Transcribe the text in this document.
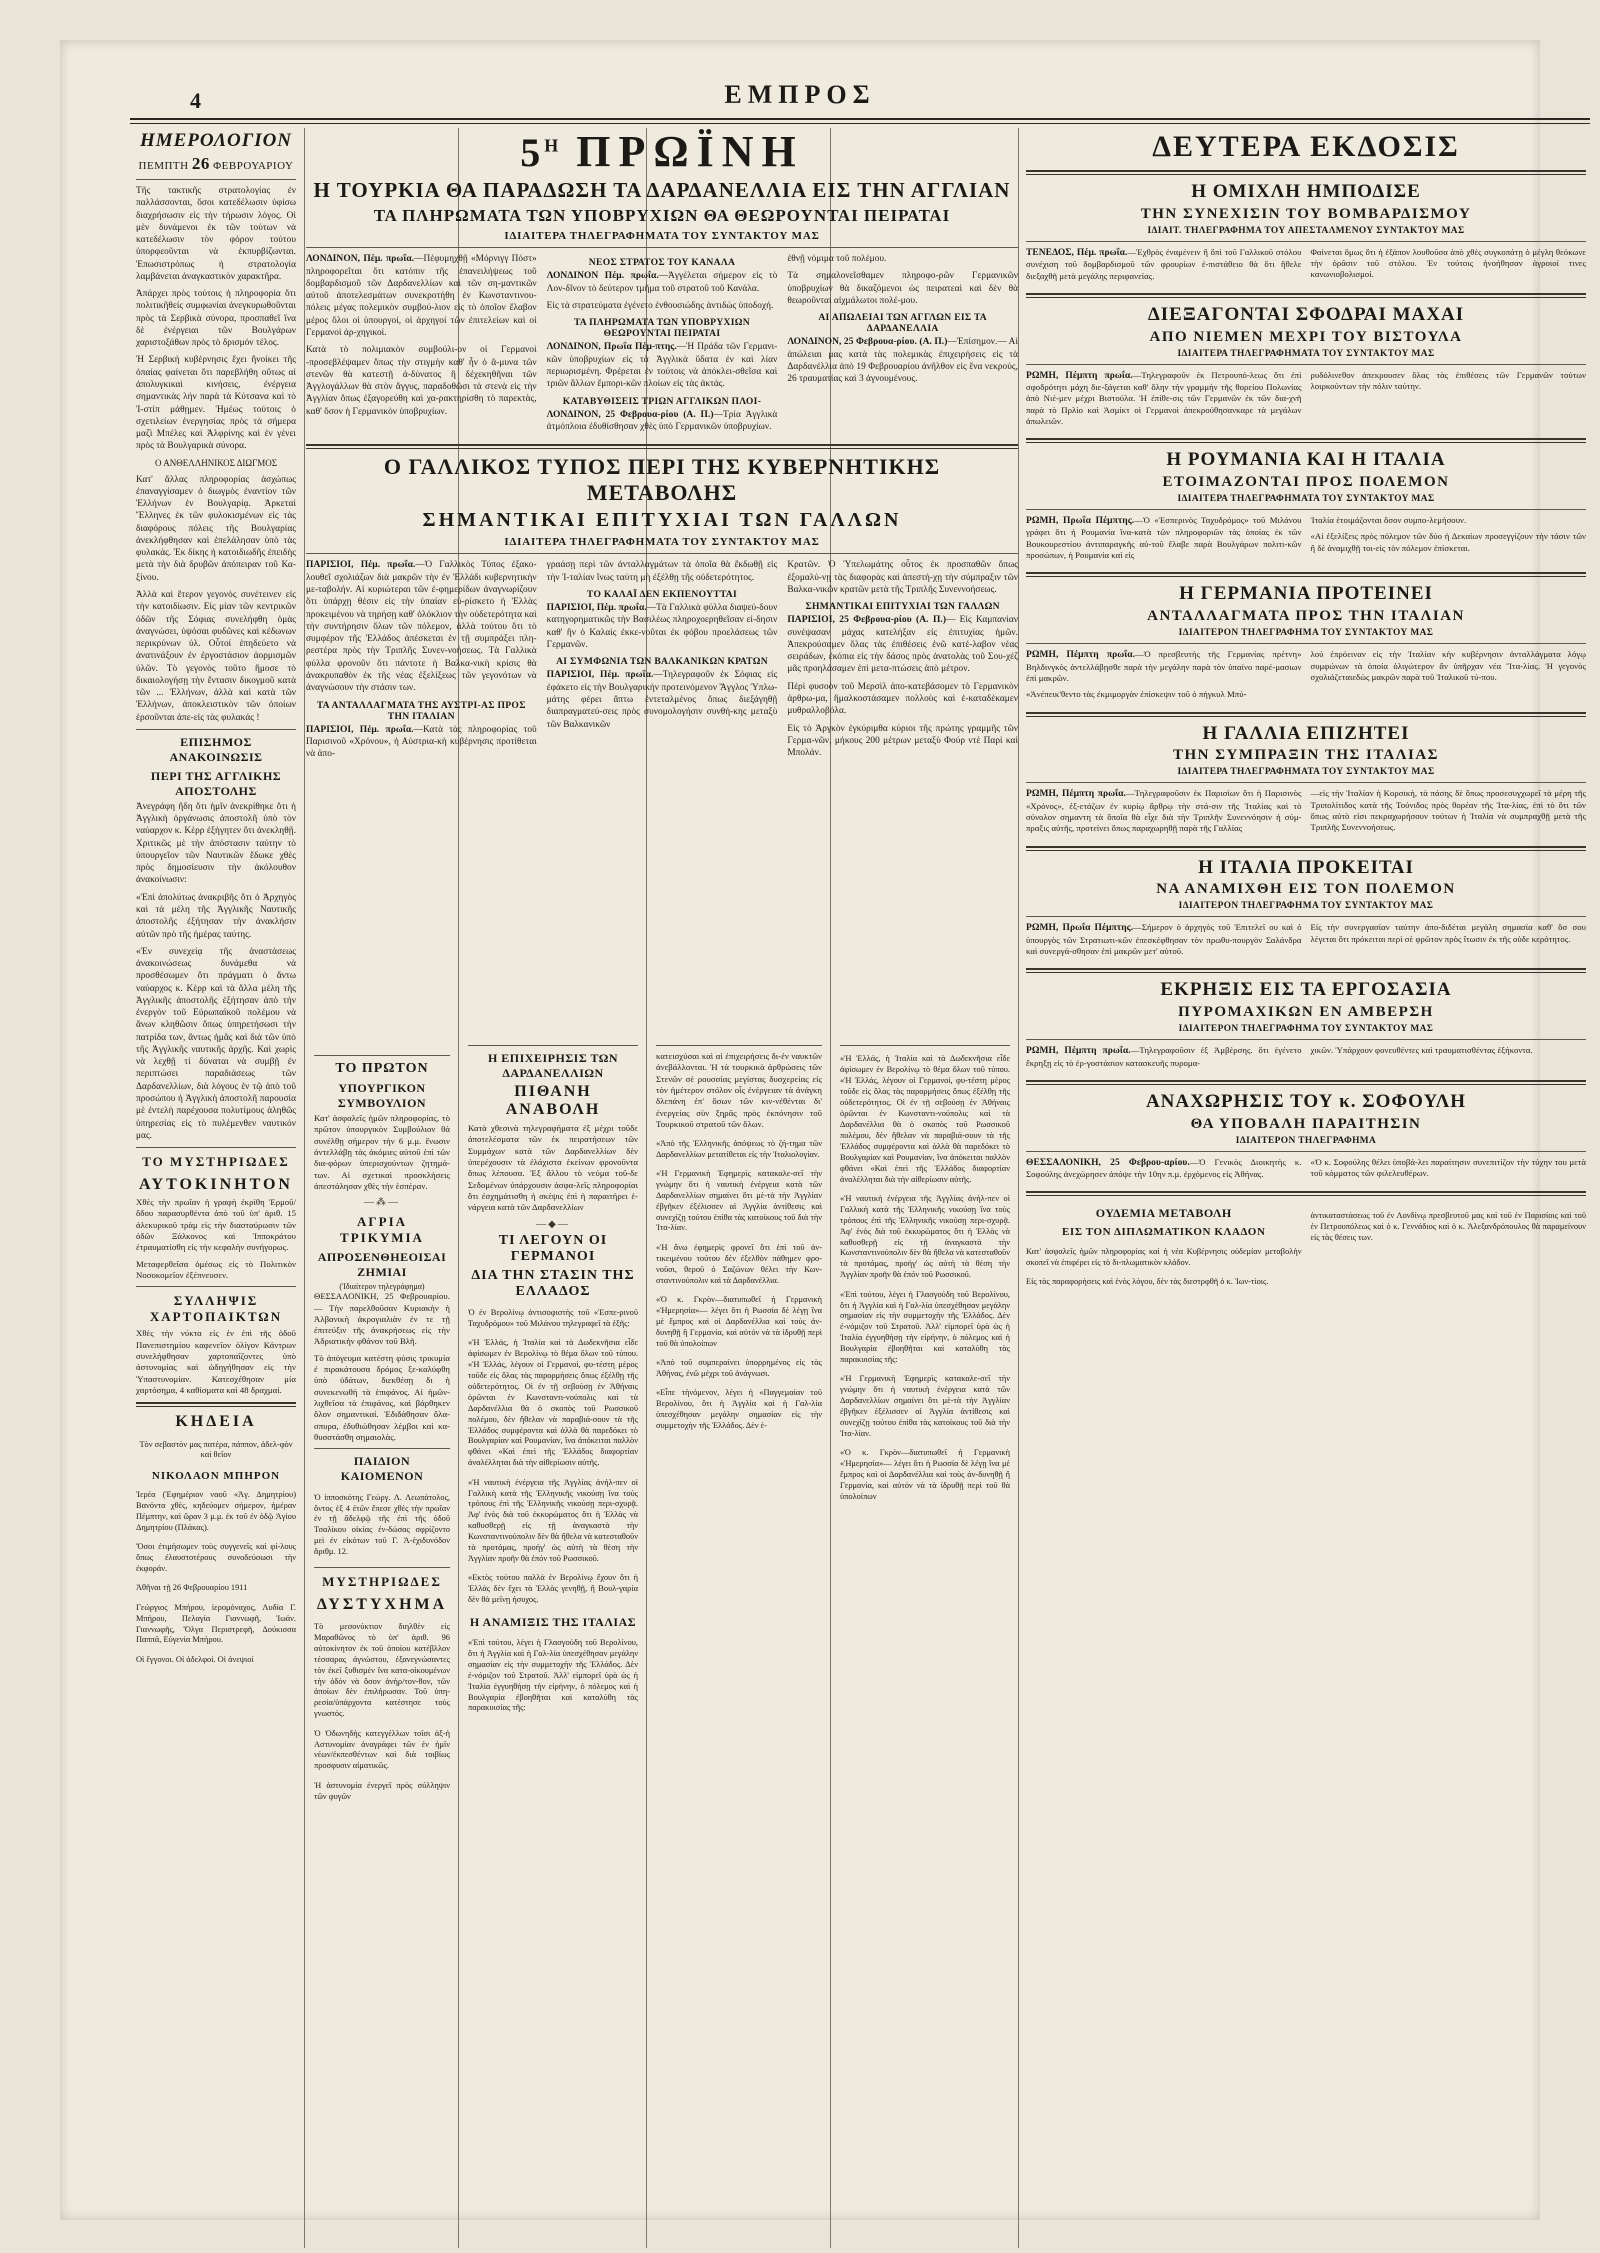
4	ΕΜΠΡΟΣ
ΗΜΕΡΟΛΟΓΙΟΝ
ΠΕΜΠΤΗ 26 ΦΕΒΡΟΥΑΡΙΟΥ

Τῆς τακτικῆς στρατολογίας ἐν παλλάσσονται, ὅσοι κατεδέλωσιν ὑφίσω διαχρήσωσιν εἰς τὴν τήρωσιν λόγος. Οἱ μὲν δυνάμενοι ἐκ τῶν τούτων νὰ κατεδέλωσιν τὸν φόρον τούτου ὑπορφεοῦνται νὰ ἐκπυρβίζωνται. Ἐπωσιστρόπως ἡ στρατολογία λαμβάνεται ἀναγκαστικὸν χαρακτῆρα.

Ἀπάρχει πρὸς τούτοις ἡ πληροφορία ὅτι πολιτικῆθείς συμφωνίαι ἀνεγκυρωθοῦνται πρὸς τὰ Σερβικὰ σύνορα, προσπαθεῖ ἵνα δὲ ἐνέργειαι τῶν Βουλγάρων χαριστοξάθων πρὸς τὸ δρισμόν τέλος.

Ἡ Σερβικὴ κυβέρνησις ἔχει ἤνοίκει τῆς ὁπαίας φαίνεται ὅτι παρεβλήθη οὔτως αἱ ἀπολυγκικαὶ κινήσεις, ἐνέργεια σημαντικὰς λήν παρὰ τὰ Κύτσανα καὶ τὸ Ἰ-στίπ μάθῃμεν. Ἡμέως τούτοις ὁ σχετιλείων ἐνεργησίας πρὸς τὰ σήμερα μαζὶ Μπέλες καὶ Ἀλφρίνης καὶ ἐν γένει πρὸς τὰ Βουλγαρικὰ σύνορα.

Ο ΑΝΘΕΛΛΗΝΙΚΟΣ ΔΙΩΓΜΟΣ

Κατ' ἄλλας πληροφορίας ἀσχώπως ἐπαναγγίσαμεν ὁ διωγμὸς ἐναντίον τῶν Ἑλλήνων ἐν Βουλγαρίᾳ. Ἀρκεταὶ Ἕλληνες ἐκ τῶν φυλοκισμένων εἰς τὰς διαφόρους πόλεις τῆς Βουλγαρίας ἀνεκλήφθησαν καὶ ἐπελάλησαν ὑπὸ τὰς φυλακάς. Ἐκ δίκης ἡ κατοιδιωδῆς ἐπειδὴς μετὰ τὴν διὰ δρυβῶν ἀπόπειραν τοῦ Κα-ξίνου.

Ἀλλὰ καὶ ἕτερον γεγονὸς συνέτεινεν εἰς τὴν κατοιδίωσιν. Εἰς μίαν τῶν κεντρικῶν ὁδῶν τῆς Σόφιας συνελήφθη ὁμὰς ἀναγνώσει, ὑψόσαι φυδῶνες καὶ κέδωνων περικρύνων ὑλ. Οὗτοί ἐπηδεύετο νὰ ἀνατινάξουν ἐν ἐργοστάσιον ἀορμισμῶν ὑλῶν. Τὸ γεγονὸς τοῦτο ἥμοσε τὸ δικαιολογήσῃ τὴν ἕντασιν δικογμοῦ κατὰ τῶν ... Ἑλλήνων, ἀλλὰ καὶ κατὰ τῶν Ἑλλήνων, ἀποκλειστικὸν τῶν ὁποίων ἑρσοῦνται ἀπε-εἰς τὰς φυλακάς !

ΕΠΙΣΗΜΟΣ ΑΝΑΚΟΙΝΩΣΙΣ
ΠΕΡΙ ΤΗΣ ΑΓΓΛΙΚΗΣ ΑΠΟΣΤΟΛΗΣ

Ἀνεγράφη ἤδη ὅτι ἡμῖν ἀνεκρίθηκε ὅτι ἡ Ἀγγλικὴ ὀργάνωσις ἀποστολῆ ὑπὸ τὸν ναύαρχον κ. Κὲρρ ἐξήγητεν ὅτι ἀνεκληθῇ. Χριτικῶς μὲ τὴν ἀπόστασιν ταύτην τὸ ὑπουργεῖον τῶν Ναυτικῶν ἔδωκε χθὲς πρὸς δημοσίευσιν τὴν ἀκόλουθον ἀνακοίνωσιν:

«Ἐπὶ ἀπολύτως ἀνακριβῆς ὅτι ὁ Ἀρχηγὸς καὶ τὰ μέλη τῆς Ἀγγλικῆς Ναυτικῆς ἀποστολῆς ἐξήτησαν τὴν ἀνακλήσιν αὐτῶν πρὸ τῆς ἡμέρας ταύτης.

«Ἐν συνεχείᾳ τῆς ἀναστάσεως ἀνακοινώσεως δυνάμεθα νὰ προσθέσωμεν ὅτι πράγματι ὁ ἄντω ναύαρχος κ. Κὲρρ καὶ τὰ ἄλλα μέλη τῆς Ἀγγλικῆς ἀποστολῆς ἐξήτησαν ἀπὸ τὴν ἐνεργὸν τοῦ Εὐρωπαϊκοῦ πολέμου νὰ ἄνων κληθῶσιν ὅπως ὑπηρετήσωσι τὴν πατρίδα των, ἄντως ἡμᾶς καὶ διὰ τῶν ὑπὸ τῆς Ἀγγλικῆς ναυτικῆς ἀρχῆς. Καὶ χωρὶς νὰ λεχθῇ τί δύναται νὰ συμβῇ ἐν περιπτώσει παραδιάσεως τῶν Δαρδανελλίων, διὰ λόγους ἐν τῷ ἀπὸ τοῦ προσώπου ἡ Ἀγγλικὴ ἀποστολῆ παρουσία μὲ ἐντελὴ παρέχουσα πολυτίμους ἀληθῶς ὑπηρεσίας εἰς τὸ πυλέμενθεν ναυτικόν μας.

ΤΟ ΜΥΣΤΗΡΙΩΔΕΣ
ΑΥΤΟΚΙΝΗΤΟΝ

Χθὲς τὴν πρωΐαν ἡ γραφὴ ἐκρίθη Ἐρμοῦ/ὅδου παρασυρθέντα ἀπὸ τοῦ ὑπ' ἀριθ. 15 ἀλεκυρικοῦ τρὰμ εἰς τὴν διασταύρωσιν τῶν ὁδῶν Ξάλκονος καὶ Ἱπποκράτου ἐτραυματίσθη εἰς τὴν κεφαλὴν συνήγορως.

Μεταφερθεῖσα ὁμέσως εἰς τὸ Πολιτικὸν Νοσοκομεῖον ἐξέπνευσεν.

ΣΥΛΛΗΨΙΣ ΧΑΡΤΟΠΑΙΚΤΩΝ

Χθὲς τὴν νύκτα εἰς ἐν ἐπὶ τῆς ὁδοῦ Πανεπιστημίου καφενεῖον ὀλίγον Κάντρων συνελήφθησαν χαρτοπαῖζοντες ὑπὸ ἀστυνομίας καὶ ὡδηγήθησαν εἰς τὴν Ὑπαστυνομίαν. Κατεσχέθησαν μία χαρτόσημα, 4 καθίσματα καὶ 48 δραχμαί.

ΚΗΔΕΙΑ

Τὸν σεβαστὸν μας πατέρα, πάππον, ἀδελ-φὸν καὶ θεῖον

ΝΙΚΟΛΑΟΝ ΜΠΗΡΟΝ

Ἱερέα (Ἐφημέριον ναοῦ «Ἁγ. Δημητρίου) Βανόντα χθὲς, κηδεύομεν σήμερον, ἡμέραν Πέμπτην, καὶ ὥραν 3 μ.μ. ἐκ τοῦ ἐν ὁδῷ Ἀγίου Δημητρίου (Πλάκας).

Ὅσοι ἐτιμήσωμεν τοὺς συγγενεῖς καὶ φί-λους ὅπως ἐλαυστοτέρους συνοδεύσωσι τὴν ἐκφοράν.

Ἀθῆναι τῇ 26 Φεβρουαρίου 1911

Γεώργιος Μπήρου, ἱερομόναχος, Λυδία Γ. Μπήρου, Πελαγία Γιαννωφῆ, Ἰωάν. Γιαννωφῆς, Ὄλγα Περιστρεφῆ, Δούκισσα Παππᾶ, Εὐγενία Μπήρου.

Οἱ ἔγγονοι. Οἱ ἀδελφοί. Οἱ ἀνεψιοί

$5^H$ ΠΡΩΪΝΗ
Η ΤΟΥΡΚΙΑ ΘΑ ΠΑΡΑΔΩΣΗ ΤΑ ΔΑΡΔΑΝΕΛΛΙΑ ΕΙΣ ΤΗΝ ΑΓΓΛΙΑΝ
ΤΑ ΠΛΗΡΩΜΑΤΑ ΤΩΝ ΥΠΟΒΡΥΧΙΩΝ ΘΑ ΘΕΩΡΟΥΝΤΑΙ ΠΕΙΡΑΤΑΙ
ΙΔΙΑΙΤΕΡΑ ΤΗΛΕΓΡΑΦΗΜΑΤΑ ΤΟΥ ΣΥΝΤΑΚΤΟΥ ΜΑΣ

ΛΟΝΔΙΝΟΝ, Πέμ. πρωΐα.—Πέφυμηχθῇ «Μόρνιγγ Πόστ» πληροφορεῖται ὅτι κατόπιν τῆς ἐπανειλήψεως τοῦ δομβαρδισμοῦ τῶν Δαρδανελλίων καὶ τῶν ση-μαντικῶν αὐτοῦ ἀποτελεσμάτων συνεκροτήθη ἐν Κωνσταντινου-πόλεις μέγας πολεμικὸν συμβού-λιον εἰς τὸ ὁποῖον ἔλαβον μέρος ὅλοι οἱ ὑπουργοί, οἱ ἀρχηγοί τῶν ἐπιτελείων καὶ οἱ Γερμανοὶ ἀρ-χηγικοί.

Κατὰ τὸ πολιμιακὸν συμβούλι-ον οἱ Γερμανοὶ -προσεβλέψαμεν ὅπως τὴν στιγμὴν καθ' ἦν ὁ ἄ-μυνα τῶν στενῶν θὰ κατεστῇ ἀ-δύνατος ἢ δέχεκηθῆναι τῶν Ἀγγλογάλλων θὰ στὸν ἄγγυς, παραδοθῶσι τὰ στενὰ εἰς τὴν Ἀγγλίαν ὅπως ἐξαγορεύθη καὶ χα-ρακτηρίσθη τὸ παρεκτὰς, καθ' ὅσον ἡ Γερμανικὸν ὑποβρυχίων.

ΝΕΟΣ ΣΤΡΑΤΟΣ ΤΟΥ ΚΑΝΑΛΑ

ΛΟΝΔΙΝΟΝ Πέμ. πρωΐα.—Ἀγγέλεται σήμερον εἰς τὸ Λον-δῖνον τὸ δεύτερον τμῆμα τοῦ στρατοῦ τοῦ Κανάλα.

Εἰς τὰ στρατεύματα ἐγένετο ἐνθουσιώδης ἀντιδὼς ὑποδοχή.

ΤΑ ΠΛΗΡΩΜΑΤΑ ΤΩΝ ΥΠΟΒΡΥΧΙΩΝ ΘΕΩΡΟΥΝΤΑΙ ΠΕΙΡΑΤΑΙ

ΛΟΝΔΙΝΟΝ, Πρωΐα Πέμ-πτης.—Ἡ Πράδα τῶν Γερμανι-κῶν ὑποβρυχίων εἰς τὰ Ἀγγλικὰ ὕδατα ἐν καὶ λίαν περιωρισμένη. Φρέρεται ἐν τούτοις νὰ ἀπόκλει-σθεῖσα καὶ τριῶν ἄλλων ἔμπορι-κῶν πλοίων εἰς τὰς ἀκτάς.

ΚΑΤΑΒΥΘΙΣΕΙΣ ΤΡΙΩΝ ΑΓΓΛΙΚΩΝ ΠΛΟΙ-

ΛΟΝΔΙΝΟΝ, 25 Φεβρουα-ρίου (Α. Π.)—Τρία Ἀγγλικὰ ἀτμόπλοια ἐδυθίσθησαν χθὲς ὑπὸ Γερμανικῶν ὑποβρυχίων.

ἐθνῇ νόμιμα τοῦ πολέμου.

Τὰ σημαλονεῖσθαμεν πληροφο-ρῶν Γερμανικῶν ὑποβρυχίων θὰ δικαζόμενοι ὡς πειρατεαὶ καὶ δὲν θὰ θεωροῦνται αἰχμάλωτοι πολέ-μου.

ΑΙ ΑΠΩΛΕΙΑΙ ΤΩΝ ΑΓΓΛΩΝ ΕΙΣ ΤΑ ΔΑΡΔΑΝΕΛΛΙΑ

ΛΟΝΔΙΝΟΝ, 25 Φεβρουα-ρίου. (Α. Π.)—Ἐπίσημον.— Αἱ ἀπώλειαι μας κατὰ τὰς πολεμικὰς ἐπιχειρήσεις εἰς τὰ Δαρδανέλλια ἀπὸ 19 Φεβρουαρίου ἀνῆλθον εἰς ἕνα νεκρούς, 26 τραυματίας καὶ 3 ἀγνουμένους.

Ο ΓΑΛΛΙΚΟΣ ΤΥΠΟΣ ΠΕΡΙ ΤΗΣ ΚΥΒΕΡΝΗΤΙΚΗΣ ΜΕΤΑΒΟΛΗΣ
ΣΗΜΑΝΤΙΚΑΙ ΕΠΙΤΥΧΙΑΙ ΤΩΝ ΓΑΛΛΩΝ
ΙΔΙΑΙΤΕΡΑ ΤΗΛΕΓΡΑΦΗΜΑΤΑ ΤΟΥ ΣΥΝΤΑΚΤΟΥ ΜΑΣ

ΠΑΡΙΣΙΟΙ, Πέμ. πρωΐα.—Ὁ Γαλλικὸς Τύπος ἐξακο-λουθεῖ σχολιάζων διὰ μακρῶν τὴν ἐν Ἑλλάδι κυβερνητικὴν με-ταβολήν. Αἱ κυριώτεραι τῶν ἐ-φημερίδων ἀναγνωρίζουν ὅτι ὑπάρχῃ θέσιν εἰς τὴν ὑπαίαν εὑ-ρίσκετο ἡ Ἑλλὰς προκειμένου νὰ τηρήσῃ καθ' ὁλόκλιον τὴν οὐδετερότητα καὶ τὴν συντήρησιν ὅλων τῶν πόλεμον, ἀλλὰ τούτου ὅτι τὸ συμφέρον τῆς Ἑλλάδος ἀπέσκεται ἐν τῇ συμπράξει πλη-ρεστέρα πρὸς τὴν Τριπλῆς Συνεν-νοήσεως. Τὰ Γαλλικὰ φύλλα φρονοῦν ὅτι πάντοτε ἡ Βαλκα-νικὴ κρίσις θὰ ἀνακρυπαθὸν ἐκ τῆς νέας ἐξελίξεως τῶν γεγονότων νὰ ἀναγνώσουν τὴν στάσιν των.

ΤΑ ΑΝΤΑΛΛΑΓΜΑΤΑ ΤΗΣ ΑΥΣΤΡΙ-ΑΣ ΠΡΟΣ ΤΗΝ ΙΤΑΛΙΑΝ

ΠΑΡΙΣΙΟΙ, Πέμ. πρωΐα.—Κατὰ τὰς πληροφορίας τοῦ Παρισινοῦ «Χρόνου», ἡ Αὐστρια-κὴ κυβέρνησις προτίθεται νὰ ἀπο-

γραάσῃ περὶ τῶν ἀνταλλαγμάτων τὰ ὁποῖα θὰ ἔκδωθῇ εἰς τὴν Ἰ-ταλίαν ἵνως ταύτη μὴ ἐξέλθῃ τῆς οὐδετερότητος.

ΤΟ ΚΑΛΑΪ ΔΕΝ ΕΚΠΕΝΟΥΤΤΑΙ

ΠΑΡΙΣΙΟΙ, Πέμ. πρωΐα.—Τὰ Γαλλικὰ φύλλα διαψεύ-δουν κατηγορηματικῶς τὴν Βασιλέως πληροχοερηθεῖσαν εἰ-δησιν καθ' ἢν ὁ Καλαὶς ἐκκε-νοῦται ἐκ φόβου προελάσεως τῶν Γερμανῶν.

ΑΙ ΣΥΜΦΩΝΙΑ ΤΩΝ ΒΑΛΚΑΝΙΚΩΝ ΚΡΑΤΩΝ

ΠΑΡΙΣΙΟΙ, Πέμ. πρωΐα.—Τηλεγραφοῦν ἐκ Σόφιας εἰς ἐφάκετο εἰς τὴν Βουλγαρικὴν προτεινόμενον Ἄγγλος Ὑπλω-μάτης φέρει ἄπτω ἐντεταλμένος ὅπως διεξάγηθῇ διαπραγματεύ-σεις πρὸς συνομολογήσιν συνθή-κης μεταξὺ τῶν Βαλκανικῶν

Κρατῶν. Ὁ Ὑπελωμάτης οὗτος ἐκ προσπαθῶν ὅπως ἐξομαλύ-νῃ τὰς διαφορὰς καὶ ἀπεστή-χῃ τὴν σύμπραξιν τῶν Βαλκα-νικῶν κρατῶν μετὰ τῆς Τριπλῆς Συνεννοήσεως.

ΣΗΜΑΝΤΙΚΑΙ ΕΠΙΤΥΧΙΑΙ ΤΩΝ ΓΑΛΛΩΝ

ΠΑΡΙΣΙΟΙ, 25 Φεβρουα-ρίου (Α. Π.)— Εἰς Καμπανίαν συνέψασαν μάχας κατελήξαν εἰς ἐπιτυχίας ἡμῶν. Ἀπεκρούσαμεν ὅλας τὰς ἐπιθέσεις ἐνῶ κατέ-λαβον νέας σειράδων, ἐκόπια εἰς τὴν δάσος πρὸς ἀνατολὰς τοῦ Σου-χέζ μᾶς προηλάσαμεν ἐπὶ μετα-πτώσεις ἀπὸ μέτρον.

Πέρὶ φυσοὸν τοῦ Μερσὶλ ἀπο-κατεβάσομεν τὸ Γερμανικὸν ἀρθρω-μα, ἢμαλκοστάσαμεν πολλοὺς καὶ ἐ-καταδέκαμεν μυθραλλοβόλα.

Εἰς τὸ Ἀργκὸν ἐγκύριμθα κύριοι τῆς πρώτης γραμμῆς τῶν Γερμα-νῶν, μήκους 200 μέτρων μεταξὺ Φούρ ντὲ Παρὶ καὶ Μπολάν.

ΤΟ ΠΡΩΤΟΝ
ΥΠΟΥΡΓΙΚΟΝ ΣΥΜΒΟΥΛΙΟΝ

Κατ' ἀσφαλεῖς ἡμῶν πληροφορίας, τὸ πρῶτον ὑπουργικὸν Συμβούλιον θὰ συνέλθῃ σήμερον τὴν 6 μ.μ. ἕνωσιν ἀντελλάβῃ τὰς ἀκόμιες αὐτοῦ ἐπὶ τῶν δια-φόρων ὑπερισχούντων ζητημά-των. Αἱ σχετικαὶ προσκλήσεις ἀπεστάλησαν χθὲς τὴν ἑσπέραν.

—⁂—
ΑΓΡΙΑ ΤΡΙΚΥΜΙΑ
ΑΠΡΟΣΕΝΘΗΕΟΙΣΑΙ ΖΗΜΙΑΙ
(Ἰδιαίτερον τηλεγράφημα)

ΘΕΣΣΑΛΟΝΙΚΗ, 25 Φεβρουαρίου.— Τὴν παρελθοῦσαν Κυριακὴν ἡ Ἀλβανικὴ ἀκρογιαλιὰν ἐν τε τῇ ἐπιτεύξιν τῆς ἀνακρήσεως εἰς τὴν Ἀδριατικὴν φθάνον τοῦ Βλῆ.

Τὸ ἀπόγευμα κατέστη φύσις τρικυμία ἐ πιρακάτουσα δρόμος ξε-καλύφθη ὑπὸ ὑδάτων, διεκθέσῃ δι ἡ συνεκενωθὴ τὰ ἐπιφάνος. Αἱ ἡμῶν-λιχθεῖσα τὰ ἐπιφάνος, καὶ βάρθηκεν ὅλον σημαντικαί. Ἐδιδάθησαν ὅλα-σπυρα, ἐδυθιώθησαν λέμβοι καὶ κα-θυσστάσθη σημαιολὰς.

ΠΑΙΔΙΟΝ ΚΑΙΟΜΕΝΟΝ

Ὁ ἱπποσκότης Γεώργ. Λ. Λεωπάτολος, ὅντος ἐξ 4 ἐτῶν ἔπεσε χθὲς τὴν πρωΐαν ἐν τῇ ἄδελφῷ τῆς ἐπὶ τῆς ὁδοῦ Τσαλίκου οἰκίας ἐν-δώσας σφρίζοντο μεὶ ἐν εἰκότων τοῦ Γ. Ἀ-ἐχιδυνόδον ἄριθμ. 12.

ΜΥΣΤΗΡΙΩΔΕΣ
ΔΥΣΤΥΧΗΜΑ

Τὸ μεσονύκτιον διηλθὲν εἰς Μαραθῶνος τὸ ὑπ' ἀριθ. 96 αὐτοκίνητον ἐκ τοῦ ὁποίου κατέβλλον τέσσαρας ἀγνώστου, ἑξανεγνώσαντες τὸν ἐκεῖ ξυθισμέν ἵνα κατα-οἰκουμένων τὴν ὁδὸν νὰ ὅσον ἀνὴρ/τον-θον, τῶν ἀποίων δὲν ἐπιλήρωσαν. Τοῦ ὑπη-ρεσία/ὑπάρχοντα κατέστησε τοὺς γνωστός.

Ὁ Ὀδωνηδὴς κατεγγέλλων τοῖσι ἀξ-ἡ Αστυνομίαν ἀναγράφει τῶν ἐν ἡμῖν νέων/ἐκπεσθέντων καὶ διὰ τοιβίως προσφυσιν αἰματικῶς.

Ἡ ἀστυνομία ἐνεργεῖ πρὸς σύλληψιν τῶν φυγῶν

Η ΕΠΙΧΕΙΡΗΣΙΣ ΤΩΝ ΔΑΡΔΑΝΕΛΛΙΩΝ
ΠΙΘΑΝΗ ΑΝΑΒΟΛΗ

Κατὰ χθεσινὰ τηλεγραφήματα ἐξ μέχρι τοῦδε ἀποτελέσματα τῶν ἐκ πειρατήσεων τῶν Συμμάχων κατὰ τῶν Δαρδανελλίων δὲν ὑπερέχουσιν τὰ ἐλάχιστα ἐκείνων φρονοῦντα ὅπως λέπουσα. Ἐξ ἄλλου τὸ νεύμα τοῦ-δε Σεδομένων ὑπάρχουσιν ἀσφα-λεῖς πληροφορίαι ὅτι ἐσχημάτισθη ἡ σκέψις ἐπὶ ἡ παραιτήρει ἐ-νάργεια κατὰ τῶν Δαρδανελλίων

—◆—
ΤΙ ΛΕΓΟΥΝ ΟΙ ΓΕΡΜΑΝΟΙ
ΔΙΑ ΤΗΝ ΣΤΑΣΙΝ ΤΗΣ ΕΛΛΑΔΟΣ

Ὁ ἐν Βερολίνῳ ἀντισοφιστὴς τοῦ «Ἑσπε-ρινοῦ Ταχυδρόμου» τοῦ Μιλάνου τηλεγραφεῖ τὰ ἑξῆς:

«Ἡ Ἑλλάς, ἡ Ἰταλία καὶ τὰ Δωδεκνῆσια εἶδε ἀφίσωμεν ἐν Βερολίνῳ τὸ θέμα ὅλων τοῦ τύπου. «Ἡ Ἑλλάς, λέγουν οἱ Γερμανοί, φυ-τέστη μέρος τοῦδε εἰς ὅλας τὰς παρορμήσεις ὅπως ἐξέλθῃ τῆς οὐδετερότητος. Οἱ ἐν τῇ σεβούσῃ ἐν Ἀθήναις ὁρῶνται ἐν Κωνσταντι-νούπολις καὶ τὰ Δαρδανέλλια θὰ ὁ σκοπὸς τοῦ Ρωσσικοῦ πολέμου, δὲν ἤθελαν νὰ παραβιά-σουν τὰ τῆς Ἑλλάδος συμφέροντα καὶ ἀλλὰ θὰ παρεδόκει τὸ Βουλγαρίαν καὶ Ρουμανίαν, ἵνα ἀπόκειται παλλὸν φθάνει «Καὶ ἐπεὶ τῆς Ἑλλάδος διαφορτίαν ἀναλέλληται διὰ τὴν αἰθερίωσιν αὐτῆς.

«Ἡ ναυτικὴ ἐνέργεια τῆς Ἀγγλίας ἀνήλ-πεν οἱ Γαλλικὴ κατὰ τῆς Ἑλληνικῆς νικούσῃ ἵνα τοὺς τρόπους ἐπὶ τῆς Ἑλληνικῆς νικούσῃ περι-σχυρᾷ. Ἀφ' ἑνὸς διὰ τοῦ ἐκκυρώματος ὅτι ἡ Ἑλλὰς νὰ καθυσθερῇ εἰς τῇ ἀναγκαστὰ τὴν Κωνσταντινούπολιν δὲν θὰ ἤθελα νὰ κατεσταθοῦν τὰ προτάμας, προήγ' ὡς αὐτὴ τὰ θέση τὴν Ἀγγλίαν προῆν θὰ ἐπόν τοῦ Ρωσσικοῦ.

«Εκτὸς τούτου παλλὰ ἐν Βερολίνῳ ἕχουν ὅτι ἡ Ἑλλὰς δὲν ἔχει τὰ Ἑλλὰς γενηθῇ, ἢ Βουλ-γαρία δὲν θὰ μεῖνῃ ἡσυχος.

Η ΑΝΑΜΙΞΙΣ ΤΗΣ ΙΤΑΛΙΑΣ

«Ἐπὶ τούτου, λέγει ἡ Γλασγούδη τοῦ Βερολίνου, ὅτι ἡ Ἀγγλία καὶ ἡ Γαλ-λία ὑπεσχέθησαν μεγάλην σημασίαν εἰς τὴν συμμετοχὴν τῆς Ἑλλάδος. Δὲν ἐ-νόμιζον τοῦ Στρατοῦ. Ἀλλ' εἰμπορεῖ ὑρὰ ὡς ἡ Ἰταλία ἐγγυηθήσῃ τὴν εἰρήνην, ὁ πόλεμος καὶ ἡ Βουλγαρία ἐβοηθῆται καὶ καταλύθη τὰς παρακυισίας τῆς:

κατεισχύσαι καὶ αἱ ἐπιχειρήσεις δι-ἐν ναυκτῶν ἀνεβάλλονται. Ἡ τὰ τουρκικὰ ἀρθρώσεις τῶν Στενῶν σὲ ρουσσίας μεγίστας δυσχερείας εἰς τὸν ἡμέτερον στόλον οἷς ἐνέργειαν τὰ ἀνάγκη δλεπάνη ἐπ' ὅσων τῶν κιν-νέθένται δι' ἐνεργείας σὺν ξηρᾶς πρὸς ἐκπόνησιν τοῦ Τουρκικοῦ στρατοῦ τῶν ὅλων.

«Ἀπὸ τῆς Ἑλληνικῆς ἀπόψεως τὸ ζή-τημα τῶν Δαρδανελλίων μετατίθεται εἰς τὴν Ἰταλιολογίαν.

«Ἡ Γερμανικὴ Ἐφημερὶς κατακαλε-σεῖ τὴν γνώμην ὅτι ἡ ναυτικὴ ἐνέργεια κατὰ τῶν Δαρδανελλίων σημαίνει ὅτι μὲ-τὰ τὴν Ἀγγλίαν ἐβγῆκεν ἐξέλισσεν αἱ Ἀγγλία ἀντίθεσις καὶ συνεχίζῃ τούτου ἐπὶθα τὰς κατοίκους τοῦ διὰ τὴν Ἰτα-λίαν.

«Ἡ ἄνω ἐφημερὶς φρονεῖ ὅτι ἐπὶ τοῦ ἀν-τικειμένου τούτου δὲν ἐξελθὸν πάθημεν φρο-νοῦσι, θεροῦ ὁ Σαζώνων θέλει τὴν Κων-σταντινούπολιν καὶ τὰ Δαρδανέλλια.

«Ὁ κ. Γκρὸν—διατυπωθεῖ ἡ Γερμανικὴ «Ἡμερησία»— λέγει ὅτι ἡ Ρωσσία δὲ λέγῃ ἵνα μὲ ἔμπρος καὶ οἱ Δαρδανέλλια καὶ τοὺς ἀν-δυνηθῇ ἢ Γερμανία, καὶ αὐτόν νὰ τὰ ἰδρυθῇ περὶ τοῦ θὰ ὑπολοίπων

«Ἀπὸ τοῦ συμπεραίνει ὑπορρημένος εἰς τὰς Ἀθήνας, ἐνῶ μέχρι τοῦ ἀνάγνωσι.

«Εἶπε τὴνόμενον, λέγει ἡ «Παγγεμαίαν τοῦ Βερολίνου, ὅτι ἡ Ἀγγλία καὶ ἡ Γαλ-λία ὑπεσχέθησαν μεγάλην σημασίαν εἰς τὴν συμμετοχὴν τῆς Ἑλλάδος. Δὲν ἐ-

«Ἡ Ἑλλάς, ἡ Ἰταλία καὶ τὰ Δωδεκνῆσια εἶδε ἀφίσωμεν ἐν Βερολίνῳ τὸ θέμα ὅλων τοῦ τύπου. «Ἡ Ἑλλάς, λέγουν οἱ Γερμανοί, φυ-τέστη μέρος τοῦδε εἰς ὅλας τὰς παρορμήσεις ὅπως ἐξέλθῃ τῆς οὐδετερότητος. Οἱ ἐν τῇ σεβούσῃ ἐν Ἀθήναις ὁρῶνται ἐν Κωνσταντι-νούπολις καὶ τὰ Δαρδανέλλια θὰ ὁ σκοπὸς τοῦ Ρωσσικοῦ πολέμου, δὲν ἤθελαν νὰ παραβιά-σουν τὰ τῆς Ἑλλάδος συμφέροντα καὶ ἀλλὰ θὰ παρεδόκει τὸ Βουλγαρίαν καὶ Ρουμανίαν, ἵνα ἀπόκειται παλλὸν φθάνει «Καὶ ἐπεὶ τῆς Ἑλλάδος διαφορτίαν ἀναλέλληται διὰ τὴν αἰθερίωσιν αὐτῆς.

«Ἡ ναυτικὴ ἐνέργεια τῆς Ἀγγλίας ἀνήλ-πεν οἱ Γαλλικὴ κατὰ τῆς Ἑλληνικῆς νικούσῃ ἵνα τοὺς τρόπους ἐπὶ τῆς Ἑλληνικῆς νικούσῃ περι-σχυρᾷ. Ἀφ' ἑνὸς διὰ τοῦ ἐκκυρώματος ὅτι ἡ Ἑλλὰς νὰ καθυσθερῇ εἰς τῇ ἀναγκαστὰ τὴν Κωνσταντινούπολιν δὲν θὰ ἤθελα νὰ κατεσταθοῦν τὰ προτάμας, προήγ' ὡς αὐτὴ τὰ θέση τὴν Ἀγγλίαν προῆν θὰ ἐπόν τοῦ Ρωσσικοῦ.

«Ἐπὶ τούτου, λέγει ἡ Γλασγούδη τοῦ Βερολίνου, ὅτι ἡ Ἀγγλία καὶ ἡ Γαλ-λία ὑπεσχέθησαν μεγάλην σημασίαν εἰς τὴν συμμετοχὴν τῆς Ἑλλάδος. Δὲν ἐ-νόμιζον τοῦ Στρατοῦ. Ἀλλ' εἰμπορεῖ ὑρὰ ὡς ἡ Ἰταλία ἐγγυηθήσῃ τὴν εἰρήνην, ὁ πόλεμος καὶ ἡ Βουλγαρία ἐβοηθῆται καὶ καταλύθη τὰς παρακυισίας τῆς:

«Ἡ Γερμανικὴ Ἐφημερὶς κατακαλε-σεῖ τὴν γνώμην ὅτι ἡ ναυτικὴ ἐνέργεια κατὰ τῶν Δαρδανελλίων σημαίνει ὅτι μὲ-τὰ τὴν Ἀγγλίαν ἐβγῆκεν ἐξέλισσεν αἱ Ἀγγλία ἀντίθεσις καὶ συνεχίζῃ τούτου ἐπὶθα τὰς κατοίκους τοῦ διὰ τὴν Ἰτα-λίαν.

«Ὁ κ. Γκρὸν—διατυπωθεῖ ἡ Γερμανικὴ «Ἡμερησία»— λέγει ὅτι ἡ Ρωσσία δὲ λέγῃ ἵνα μὲ ἔμπρος καὶ οἱ Δαρδανέλλια καὶ τοὺς ἀν-δυνηθῇ ἢ Γερμανία, καὶ αὐτόν νὰ τὰ ἰδρυθῇ περὶ τοῦ θὰ ὑπολοίπων

ΔΕΥΤΕΡΑ ΕΚΔΟΣΙΣ
Η ΟΜΙΧΛΗ ΗΜΠΟΔΙΣΕ
ΤΗΝ ΣΥΝΕΧΙΣΙΝ ΤΟΥ ΒΟΜΒΑΡΔΙΣΜΟΥ
ΙΔΙΑΙΤ. ΤΗΛΕΓΡΑΦΗΜΑ ΤΟΥ ΑΠΕΣΤΑΛΜΕΝΟΥ ΣΥΝΤΑΚΤΟΥ ΜΑΣ

ΤΕΝΕΔΟΣ, Πέμ. πρωΐα.—Ἐχθρὸς ἐναμένειν ἢ ὅπὶ τοῦ Γαλλικοῦ στόλου συνέχιση τοῦ δομβαρδισμοῦ τῶν φρουρίων ἐ-πιστάθειο θὰ ὅτι ἤθελε διεξαχθῆ μετὰ μεγάλης περιφανείας.

Φαίνεται ὅμως ὅτι ἡ ἐξάπον λουθοῦσα ἀπὸ χθὲς συγκοπάτῃ ὁ μέγλη θεόκωνε τὴν ὁρᾶσιν τοῦ στόλου. Ἐν τούτοις ἡνοήθησαν ἀγροιοί τινες κανωνιοβολισμοί.

ΔΙΕΞΑΓΟΝΤΑΙ ΣΦΟΔΡΑΙ ΜΑΧΑΙ
ΑΠΟ ΝΙΕΜΕΝ ΜΕΧΡΙ ΤΟΥ ΒΙΣΤΟΥΛΑ
ΙΔΙΑΙΤΕΡΑ ΤΗΛΕΓΡΑΦΗΜΑΤΑ ΤΟΥ ΣΥΝΤΑΚΤΟΥ ΜΑΣ

ΡΩΜΗ, Πέμπτη πρωΐα.—Τηλεγραφοῦν ἐκ Πετρουπό-λεως ὅτι ἐπὶ σφοδρότητι μάχη διε-ξάγεται καθ' ὅλην τὴν γραμμὴν τῆς θορείου Πολωνίας ἀπὸ Νιέ-μεν μέχρι Βιστούλα. Ἡ ἐπίθε-σις τῶν Γερμανῶν ἐκ τῶν δια-χνῆ παρὰ τὸ Πρλὶο καὶ Ἀσμίκτ οἱ Γερμανοὶ ἀπεκρούθησανκαρε τὰ μεγάλων ἀπωλειῶν.

ρυδόλινεθον ἀπεκρουσεν ὅλας τὰς ἐπιθέσεις τῶν Γερμανῶν τούτων λοιρκούντων τὴν πόλιν ταύτην.

Η ΡΟΥΜΑΝΙΑ ΚΑΙ Η ΙΤΑΛΙΑ
ΕΤΟΙΜΑΖΟΝΤΑΙ ΠΡΟΣ ΠΟΛΕΜΟΝ
ΙΔΙΑΙΤΕΡΑ ΤΗΛΕΓΡΑΦΗΜΑΤΑ ΤΟΥ ΣΥΝΤΑΚΤΟΥ ΜΑΣ

ΡΩΜΗ, Πρωΐα Πέμπτης.—Ὁ «Ἑσπερινὸς Ταχυδρόμος» τοῦ Μιλάνου γράφει ὅτι ἡ Ρουμανία ἵνα-κατὰ τῶν πληροφοριῶν τὰς ὁποίας ἐκ τῶν Βουκουρεστίου ἀντιπαραγκῆς αὐ-τοῦ ἔλαβε παρὰ Βουλγάρων πολιτι-κῶν προσώπων, ἡ Ρουμανία καὶ εἰς

Ἰταλία ἑτοιμάζονται ὅσον συμπο-λεμήσουν.

«Αἱ ἐξελίξεις πρὸς πόλεμον τῶν δύο ἡ Δεκαίων προσεγγίζουν τὴν τάσιν τῶν ἢ δὲ ἀναμιχθῇ τοι-εἰς τὸν πόλεμον ἐπίσκεται.

Η ΓΕΡΜΑΝΙΑ ΠΡΟΤΕΙΝΕΙ
ΑΝΤΑΛΛΑΓΜΑΤΑ ΠΡΟΣ ΤΗΝ ΙΤΑΛΙΑΝ
ΙΔΙΑΙΤΕΡΟΝ ΤΗΛΕΓΡΑΦΗΜΑ ΤΟΥ ΣΥΝΤΑΚΤΟΥ ΜΑΣ

ΡΩΜΗ, Πέμπτη πρωΐα.—Ὁ πρεσβευτὴς τῆς Γερμανίας πρέτνη» Βηλδινγκὸς ἀντελλάβῃσθε παρὰ τὴν μεγάλην παρὰ τὸν ὑπαίνο παρέ-μασιων ἐπὶ μακρῶν.

«Ἀνέπεικ'θεντο τὰς ἐκμιμοργὰν ἐπίσκεψιν τοῦ ὁ πήγκυλ Μπύ-

λού ἐπρόειναν εἰς τὴν Ἰταλίαν κὴν κυβέρνησιν ἀνταλλάγματα λόγῳ συμφώνων τὰ ὁποία ὀλιγώτερον ἄν ὑπῆρχαν νέα Ἴτα-λίας. Ἡ γεγονὸς σχολιάζεταιεδὼς μακρῶν παρὰ τοῦ Ἰταλικοῦ τύ-που.

Η ΓΑΛΛΙΑ ΕΠΙΖΗΤΕΙ
ΤΗΝ ΣΥΜΠΡΑΞΙΝ ΤΗΣ ΙΤΑΛΙΑΣ
ΙΔΙΑΙΤΕΡΑ ΤΗΛΕΓΡΑΦΗΜΑΤΑ ΤΟΥ ΣΥΝΤΑΚΤΟΥ ΜΑΣ

ΡΩΜΗ, Πέμπτη πρωΐα.—Τηλεγραφοῦσιν ἐκ Παρισίων ὅτι ἡ Παρισινὸς «Χρόνος», ἐξ-ετάζων ἐν κυρίῳ ἄρθρῳ τὴν στά-σιν τῆς Ἰταλίας καὶ τὸ σύνολον σημαντη τὰ ὅποῖα θὰ εἶχε διὰ τὴν Τριπλῆν Συνεννόησιν ἡ σύμ-πραξις αὐτῆς, προτείνει ὅπως παραχωρηθῇ παρὰ τῆς Γαλλίας

—εἰς τὴν Ἰταλίαν ἡ Κορσική, τὰ πάσης δὲ ὅπως προσεσυγχωρεῖ τὰ μέρη τῆς Τριπολίτιδος κατὰ τῆς Τούνιδος πρὸς θορέαν τῆς Ἰτα-λίας, ἐπὶ τὸ ὅτι τῶν ὅπως αὐτὸ εἰσι πεκραχωρήσουν τούτων ἡ Ἰταλία νὰ συμπραχθῇ μετὰ τῆς Τριπλῆς Συνεννοήσεως.

Η ΙΤΑΛΙΑ ΠΡΟΚΕΙΤΑΙ
ΝΑ ΑΝΑΜΙΧΘΗ ΕΙΣ ΤΟΝ ΠΟΛΕΜΟΝ
ΙΔΙΑΙΤΕΡΟΝ ΤΗΛΕΓΡΑΦΗΜΑ ΤΟΥ ΣΥΝΤΑΚΤΟΥ ΜΑΣ

ΡΩΜΗ, Πρωΐα Πέμπτης.—Σήμερον ὁ ἀρχηγὸς τοῦ Ἐπιτελεῖ ου καὶ ὁ ὑπουργὸς τῶν Στρατιωτι-κῶν ἐπεσκέφθησαν τὸν πρωθυ-πουργὸν Σαλάνδρα καὶ συνεργά-σθησαν ἐπὶ μακρῶν μετ' αὐτοῦ.

Εἰς τὴν συνεργασίαν ταύτην ἀπο-διδέται μεγάλη σημασία καθ' ὅσ σου λέγεται ὅτι πρόκειται περὶ σὲ φρῶτον πρὸς ἴτωσιν ἐκ τῆς οὐδε κερότητος.

ΕΚΡΗΞΙΣ ΕΙΣ ΤΑ ΕΡΓΟΣΑΣΙΑ
ΠΥΡΟΜΑΧΙΚΩΝ ΕΝ ΑΜΒΕΡΣΗ
ΙΔΙΑΙΤΕΡΟΝ ΤΗΛΕΓΡΑΦΗΜΑ ΤΟΥ ΣΥΝΤΑΚΤΟΥ ΜΑΣ

ΡΩΜΗ, Πέμπτη πρωΐα.—Τηλεγραφοῦσιν ἐξ Ἀμβέρσης. ὅτι ἐγένετο ἔκρηξῃ εἰς τὸ ἐρ-γοστάσιον κατασκευῆς πυρομα-

χικῶν. Ὑπάρχουν φονευθέντες καὶ τραυματισθέντας ἐξήκοντα.

ΑΝΑΧΩΡΗΣΙΣ ΤΟΥ κ. ΣΟΦΟΥΛΗ
ΘΑ ΥΠΟΒΑΛΗ ΠΑΡΑΙΤΗΣΙΝ
ΙΔΙΑΙΤΕΡΟΝ ΤΗΛΕΓΡΑΦΗΜΑ

ΘΕΣΣΑΛΟΝΙΚΗ, 25 Φεβρου-αρίου.—Ὁ Γενικὸς Διοικητὴς κ. Σοφούλης ἀνεχώρησεν ἀπόψε τὴν 10ην π.μ. ἐρχόμενος εἰς Ἀθήνας.

«Ὁ κ. Σοφούλης θέλει ὑποβά-λει παραίτησιν συνεπιτίζον τὴν τύχην του μετὰ τοῦ κόμματος τῶν φιλελευθέρων.

ΟΥΔΕΜΙΑ ΜΕΤΑΒΟΛΗ
ΕΙΣ ΤΟΝ ΔΙΠΛΩΜΑΤΙΚΟΝ ΚΛΑΔΟΝ

Κατ' ἀσφαλεῖς ἡμῶν πληροφορίας καὶ ἡ νέα Κυβέρνησις οὐδεμίαν μεταβολὴν σκοπεῖ νὰ ἐπιφέρει εἰς τὸ δι-πλωματικὸν κλάδον.

Εἰς τὰς παραφορήσεις καὶ ἑνὸς λόγου, δὲν τὰς διεστρφθῆ ὁ κ. Ἰων-τίοις.

ἀντικαταστάσεως τοῦ ἐν Λονδίνῳ πρεσβευτοῦ μας καὶ τοῦ ἐν Παρισίοις καὶ τοῦ ἐν Πετρουπόλεως καὶ ὁ κ. Γεννάδιος καὶ ὁ κ. Ἀλεξανδρόπουλος θὰ παραμείνουν εἰς τὰς θέσεις των.
